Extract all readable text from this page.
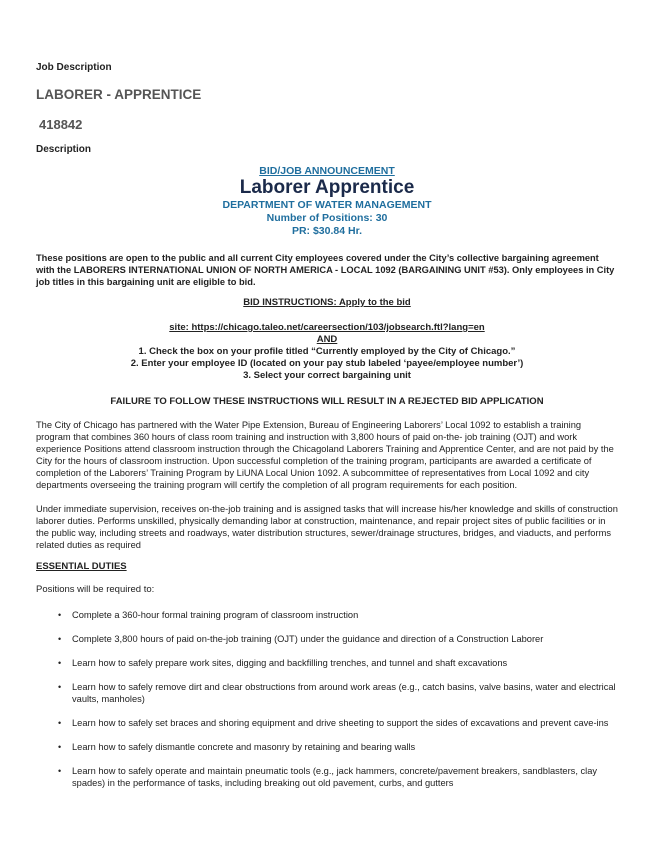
Job Description

LABORER - APPRENTICE

418842

Description

BID/JOB ANNOUNCEMENT
Laborer Apprentice
DEPARTMENT OF WATER MANAGEMENT
Number of Positions: 30
PR: $30.84 Hr.
These positions are open to the public and all current City employees covered under the City’s collective bargaining agreement with the LABORERS INTERNATIONAL UNION OF NORTH AMERICA - LOCAL 1092 (BARGAINING UNIT #53). Only employees in City job titles in this bargaining unit are eligible to bid.
BID INSTRUCTIONS: Apply to the bid
site: https://chicago.taleo.net/careersection/103/jobsearch.ftl?lang=en
AND
1. Check the box on your profile titled “Currently employed by the City of Chicago.”
2. Enter your employee ID (located on your pay stub labeled ‘payee/employee number’)
3. Select your correct bargaining unit
FAILURE TO FOLLOW THESE INSTRUCTIONS WILL RESULT IN A REJECTED BID APPLICATION
The City of Chicago has partnered with the Water Pipe Extension, Bureau of Engineering Laborers’ Local 1092 to establish a training program that combines 360 hours of class room training and instruction with 3,800 hours of paid on-the- job training (OJT) and work experience Positions attend classroom instruction through the Chicagoland Laborers Training and Apprentice Center, and are not paid by the City for the hours of classroom instruction. Upon successful completion of the training program, participants are awarded a certificate of completion of the Laborers’ Training Program by LiUNA Local Union 1092. A subcommittee of representatives from Local 1092 and city departments overseeing the training program will certify the completion of all program requirements for each position.
Under immediate supervision, receives on-the-job training and is assigned tasks that will increase his/her knowledge and skills of construction laborer duties. Performs unskilled, physically demanding labor at construction, maintenance, and repair project sites of public facilities or in the public way, including streets and roadways, water distribution structures, sewer/drainage structures, bridges, and viaducts, and performs related duties as required
ESSENTIAL DUTIES
Positions will be required to:
• Complete a 360-hour formal training program of classroom instruction
• Complete 3,800 hours of paid on-the-job training (OJT) under the guidance and direction of a Construction Laborer
• Learn how to safely prepare work sites, digging and backfilling trenches, and tunnel and shaft excavations
• Learn how to safely remove dirt and clear obstructions from around work areas (e.g., catch basins, valve basins, water and electrical vaults, manholes)
• Learn how to safely set braces and shoring equipment and drive sheeting to support the sides of excavations and prevent cave-ins
• Learn how to safely dismantle concrete and masonry by retaining and bearing walls
• Learn how to safely operate and maintain pneumatic tools (e.g., jack hammers, concrete/pavement breakers, sandblasters, clay spades) in the performance of tasks, including breaking out old pavement, curbs, and gutters
